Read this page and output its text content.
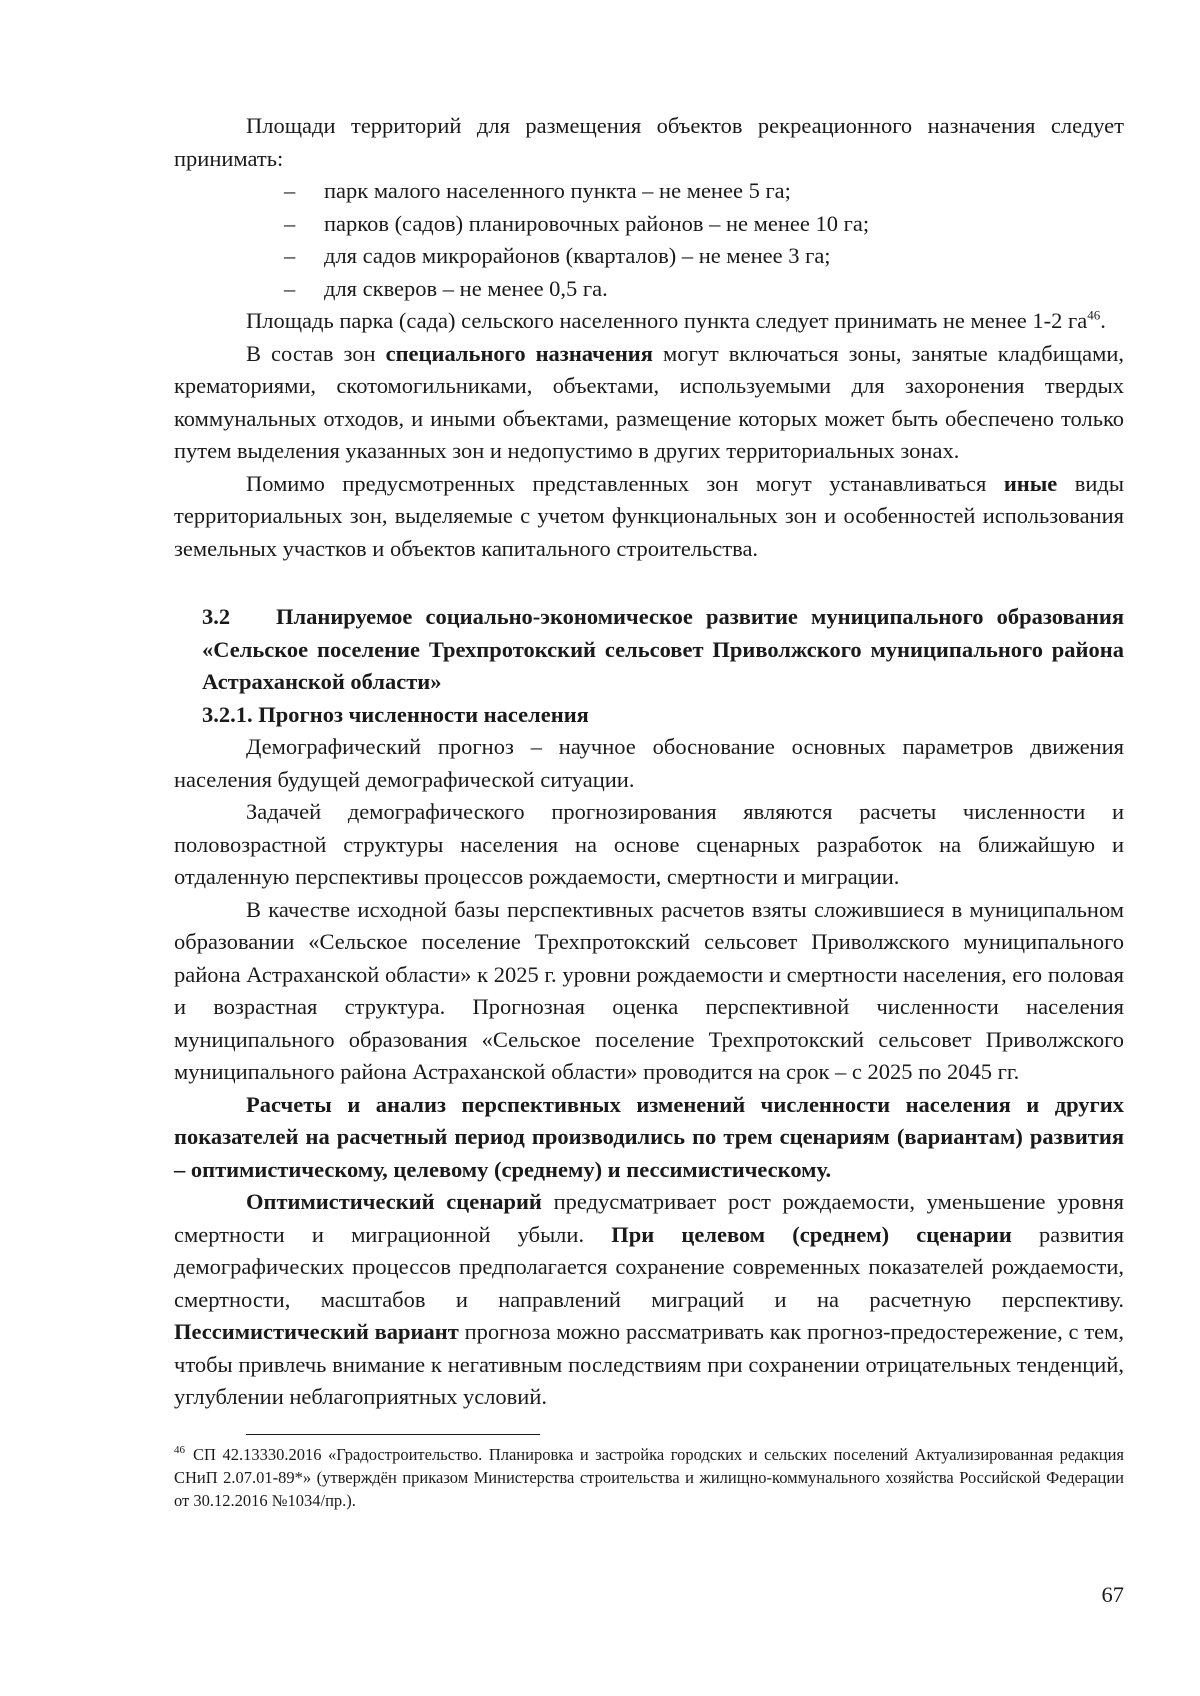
Площади территорий для размещения объектов рекреационного назначения следует принимать:

– парк малого населенного пункта – не менее 5 га;
– парков (садов) планировочных районов – не менее 10 га;
– для садов микрорайонов (кварталов) – не менее 3 га;
– для скверов – не менее 0,5 га.

Площадь парка (сада) сельского населенного пункта следует принимать не менее 1-2 $га^{46}$.

В состав зон специального назначения могут включаться зоны, занятые кладбищами, крематориями, скотомогильниками, объектами, используемыми для захоронения твердых коммунальных отходов, и иными объектами, размещение которых может быть обеспечено только путем выделения указанных зон и недопустимо в других территориальных зонах.

Помимо предусмотренных представленных зон могут устанавливаться иные виды территориальных зон, выделяемые с учетом функциональных зон и особенностей использования земельных участков и объектов капитального строительства.

3.2 Планируемое социально-экономическое развитие муниципального образования «Сельское поселение Трехпротокский сельсовет Приволжского муниципального района Астраханской области»

3.2.1. Прогноз численности населения

Демографический прогноз – научное обоснование основных параметров движения населения будущей демографической ситуации.

Задачей демографического прогнозирования являются расчеты численности и половозрастной структуры населения на основе сценарных разработок на ближайшую и отдаленную перспективы процессов рождаемости, смертности и миграции.

В качестве исходной базы перспективных расчетов взяты сложившиеся в муниципальном образовании «Сельское поселение Трехпротокский сельсовет Приволжского муниципального района Астраханской области» к 2025 г. уровни рождаемости и смертности населения, его половая и возрастная структура. Прогнозная оценка перспективной численности населения муниципального образования «Сельское поселение Трехпротокский сельсовет Приволжского муниципального района Астраханской области» проводится на срок – с 2025 по 2045 гг.

Расчеты и анализ перспективных изменений численности населения и других показателей на расчетный период производились по трем сценариям (вариантам) развития – оптимистическому, целевому (среднему) и пессимистическому.

Оптимистический сценарий предусматривает рост рождаемости, уменьшение уровня смертности и миграционной убыли. При целевом (среднем) сценарии развития демографических процессов предполагается сохранение современных показателей рождаемости, смертности, масштабов и направлений миграций и на расчетную перспективу. Пессимистический вариант прогноза можно рассматривать как прогноз-предостережение, с тем, чтобы привлечь внимание к негативным последствиям при сохранении отрицательных тенденций, углублении неблагоприятных условий.

$^{46}$ СП 42.13330.2016 «Градостроительство. Планировка и застройка городских и сельских поселений Актуализированная редакция СНиП 2.07.01-89*» (утверждён приказом Министерства строительства и жилищно-коммунального хозяйства Российской Федерации от 30.12.2016 №1034/пр.).

67
